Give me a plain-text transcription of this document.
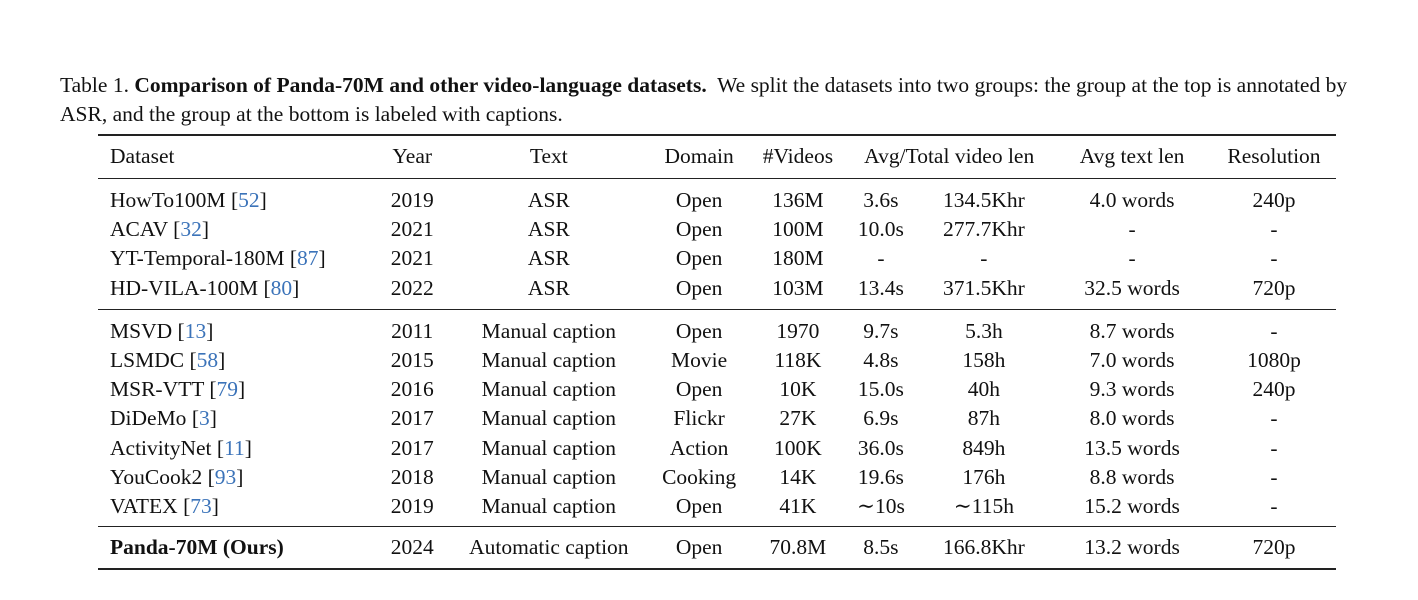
Table 1. Comparison of Panda-70M and other video-language datasets. We split the datasets into two groups: the group at the top is annotated by ASR, and the group at the bottom is labeled with captions.
Dataset	Year	Text	Domain	#Videos	Avg/Total video len		Avg text len	Resolution
HowTo100M [52]	2019	ASR	Open	136M	3.6s	134.5Khr	4.0 words	240p
ACAV [32]	2021	ASR	Open	100M	10.0s	277.7Khr	-	-
YT-Temporal-180M [87]	2021	ASR	Open	180M	-	-	-	-
HD-VILA-100M [80]	2022	ASR	Open	103M	13.4s	371.5Khr	32.5 words	720p
MSVD [13]	2011	Manual caption	Open	1970	9.7s	5.3h	8.7 words	-
LSMDC [58]	2015	Manual caption	Movie	118K	4.8s	158h	7.0 words	1080p
MSR-VTT [79]	2016	Manual caption	Open	10K	15.0s	40h	9.3 words	240p
DiDeMo [3]	2017	Manual caption	Flickr	27K	6.9s	87h	8.0 words	-
ActivityNet [11]	2017	Manual caption	Action	100K	36.0s	849h	13.5 words	-
YouCook2 [93]	2018	Manual caption	Cooking	14K	19.6s	176h	8.8 words	-
VATEX [73]	2019	Manual caption	Open	41K	∼10s	∼115h	15.2 words	-
Panda-70M (Ours)	2024	Automatic caption	Open	70.8M	8.5s	166.8Khr	13.2 words	720p
